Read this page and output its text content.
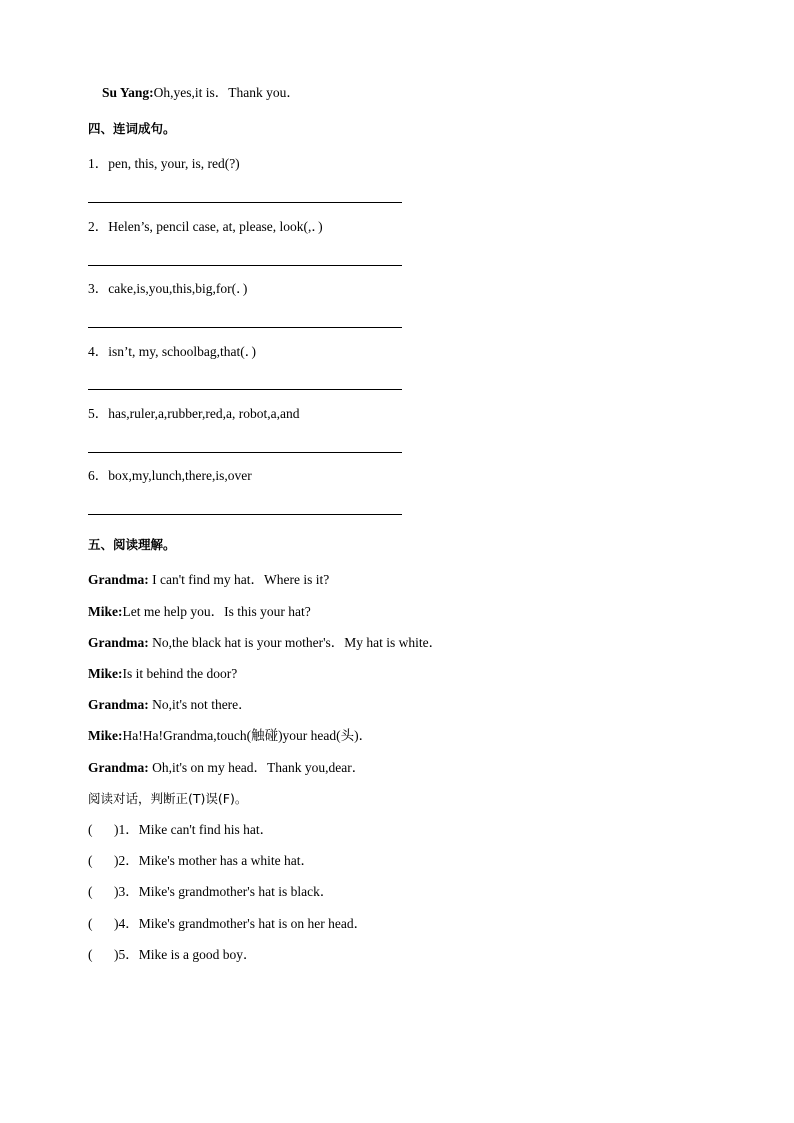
Su Yang:Oh,yes,it is．Thank you．
四、连词成句。
1．pen, this, your, is, red(?)
2．Helen’s, pencil case, at, please, look(,．)
3．cake,is,you,this,big,for(．)
4．isn’t, my, schoolbag,that(．)
5．has,ruler,a,rubber,red,a, robot,a,and
6．box,my,lunch,there,is,over
五、阅读理解。
Grandma: I can't find my hat．Where is it?
Mike:Let me help you．Is this your hat?
Grandma: No,the black hat is your mother's．My hat is white．
Mike:Is it behind the door?
Grandma: No,it's not there．
Mike:Ha!Ha!Grandma,touch(触碰)your head(头)．
Grandma: Oh,it's on my head．Thank you,dear．
阅读对话，判断正(T)误(F)。
( )1．Mike can't find his hat．
( )2．Mike's mother has a white hat．
( )3．Mike's grandmother's hat is black．
( )4．Mike's grandmother's hat is on her head．
( )5．Mike is a good boy．
